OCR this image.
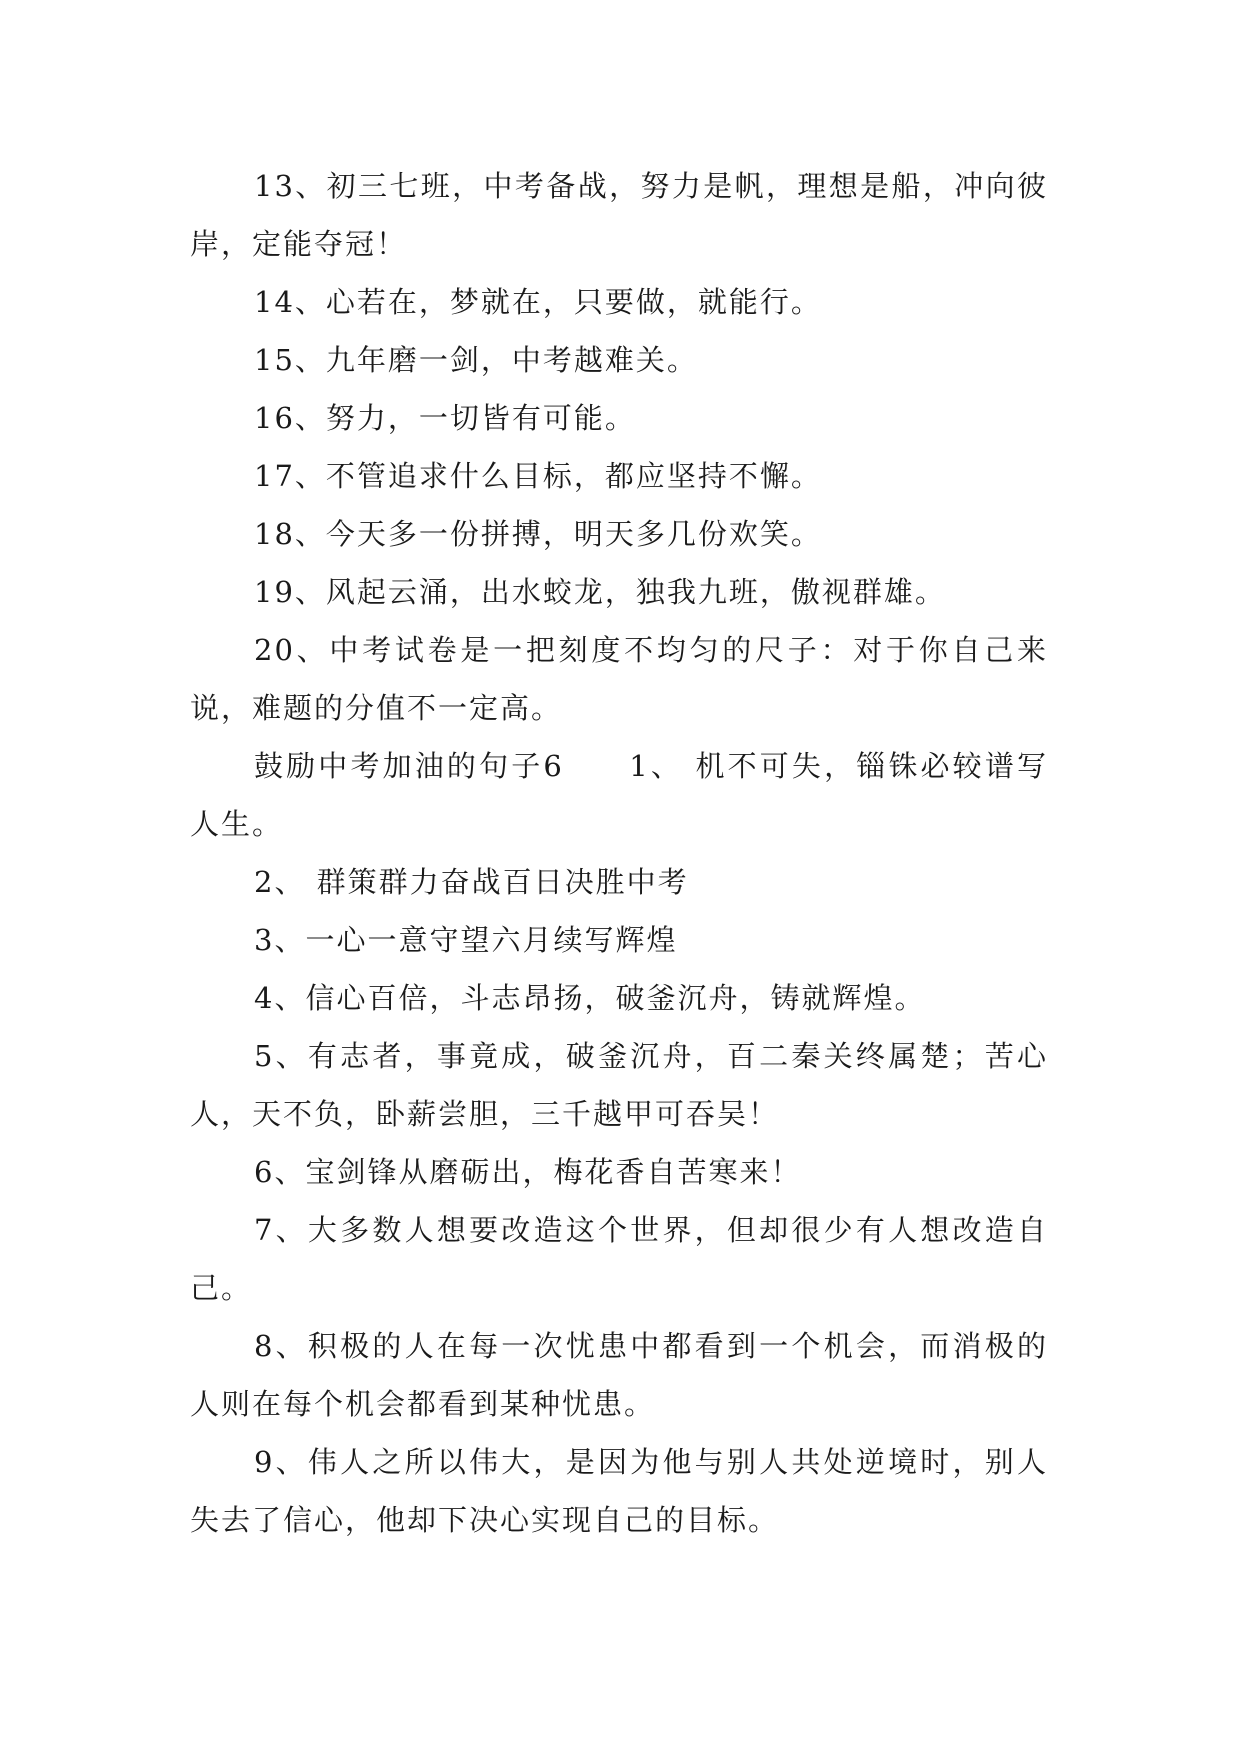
13、初三七班，中考备战，努力是帆，理想是船，冲向彼岸，定能夺冠！

14、心若在，梦就在，只要做，就能行。

15、九年磨一剑，中考越难关。

16、努力，一切皆有可能。

17、不管追求什么目标，都应坚持不懈。

18、今天多一份拼搏，明天多几份欢笑。

19、风起云涌，出水蛟龙，独我九班，傲视群雄。

20、中考试卷是一把刻度不均匀的尺子：对于你自己来说，难题的分值不一定高。

鼓励中考加油的句子6　　1、 机不可失，锱铢必较谱写人生。

2、 群策群力奋战百日决胜中考

3、一心一意守望六月续写辉煌

4、信心百倍，斗志昂扬，破釜沉舟，铸就辉煌。

5、有志者，事竟成，破釜沉舟，百二秦关终属楚；苦心人，天不负，卧薪尝胆，三千越甲可吞吴！

6、宝剑锋从磨砺出，梅花香自苦寒来！

7、大多数人想要改造这个世界，但却很少有人想改造自己。

8、积极的人在每一次忧患中都看到一个机会，而消极的人则在每个机会都看到某种忧患。

9、伟人之所以伟大，是因为他与别人共处逆境时，别人失去了信心，他却下决心实现自己的目标。
